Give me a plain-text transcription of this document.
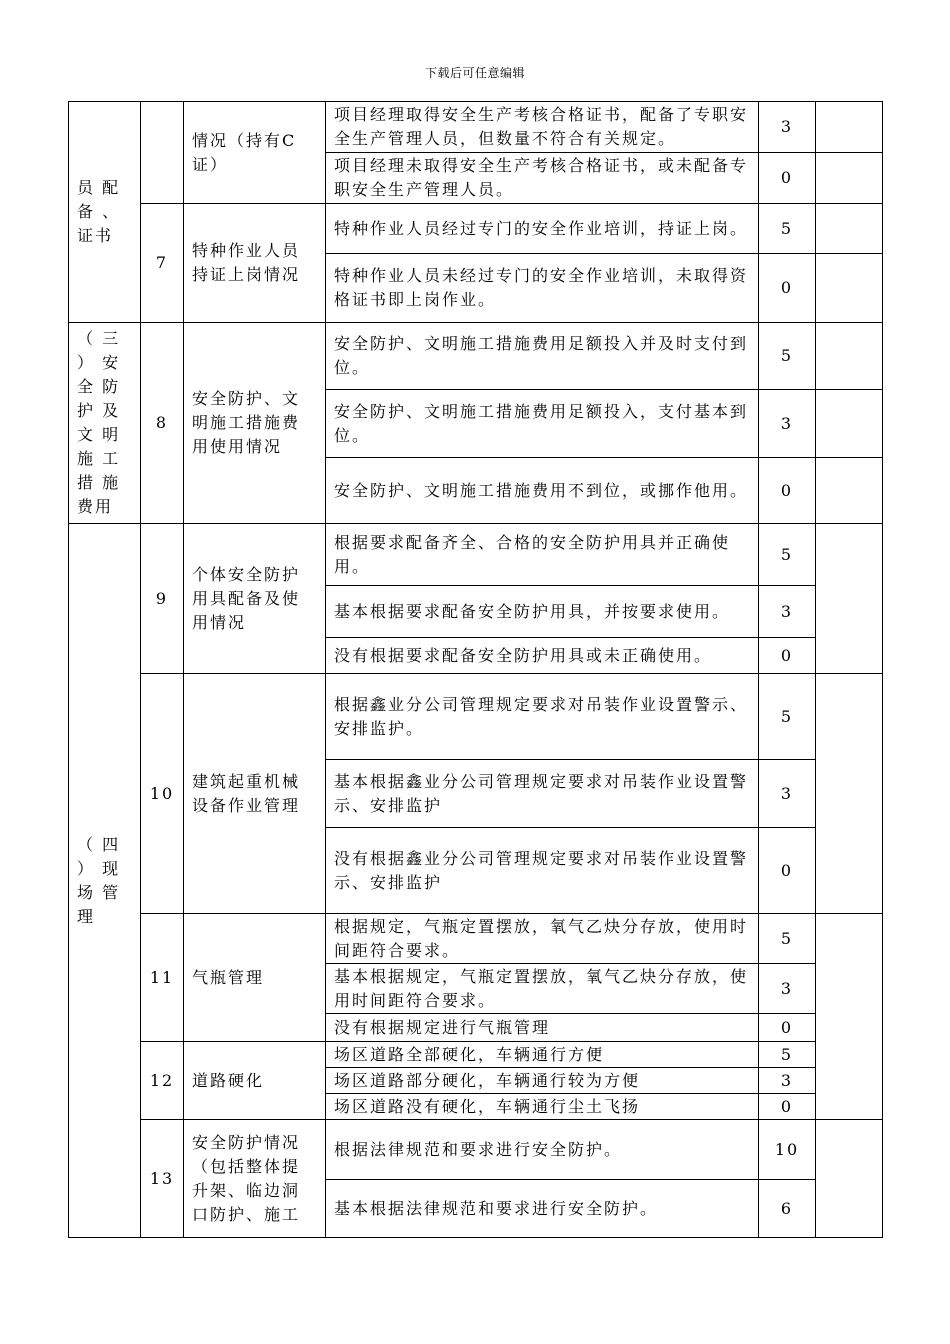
下载后可任意编辑
员 配 备 、 证书		情况（持有C证）	项目经理取得安全生产考核合格证书，配备了专职安全生产管理人员，但数量不符合有关规定。	3	
			项目经理未取得安全生产考核合格证书，或未配备专职安全生产管理人员。	0	
	7	特种作业人员持证上岗情况	特种作业人员经过专门的安全作业培训，持证上岗。	5	
			特种作业人员未经过专门的安全作业培训，未取得资格证书即上岗作业。	0	
（ 三 ） 安 全 防 护 及 文 明 施 工 措 施 费用	8	安全防护、文明施工措施费用使用情况	安全防护、文明施工措施费用足额投入并及时支付到位。	5	
			安全防护、文明施工措施费用足额投入，支付基本到位。	3	
			安全防护、文明施工措施费用不到位，或挪作他用。	0	
（ 四 ） 现 场 管 理	9	个体安全防护用具配备及使用情况	根据要求配备齐全、合格的安全防护用具并正确使用。	5	
			基本根据要求配备安全防护用具，并按要求使用。	3	
			没有根据要求配备安全防护用具或未正确使用。	0	
	10	建筑起重机械设备作业管理	根据鑫业分公司管理规定要求对吊装作业设置警示、安排监护。	5	
			基本根据鑫业分公司管理规定要求对吊装作业设置警示、安排监护	3	
			没有根据鑫业分公司管理规定要求对吊装作业设置警示、安排监护	0	
	11	气瓶管理	根据规定，气瓶定置摆放，氧气乙炔分存放，使用时间距符合要求。	5	
			基本根据规定，气瓶定置摆放，氧气乙炔分存放，使用时间距符合要求。	3	
			没有根据规定进行气瓶管理	0	
	12	道路硬化	场区道路全部硬化，车辆通行方便	5	
			场区道路部分硬化，车辆通行较为方便	3	
			场区道路没有硬化，车辆通行尘土飞扬	0	
	13	安全防护情况（包括整体提升架、临边洞口防护、施工	根据法律规范和要求进行安全防护。	10	
			基本根据法律规范和要求进行安全防护。	6	
